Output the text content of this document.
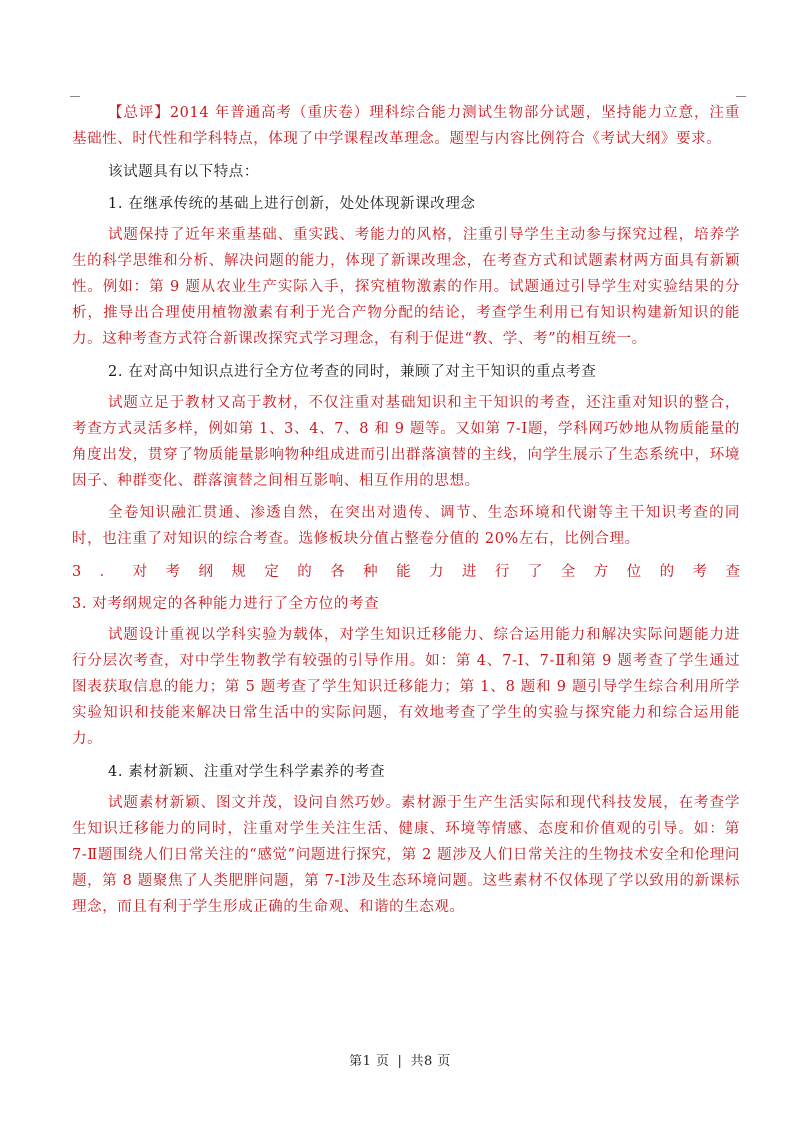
【总评】2014 年普通高考（重庆卷）理科综合能力测试生物部分试题，坚持能力立意，注重基础性、时代性和学科特点，体现了中学课程改革理念。题型与内容比例符合《考试大纲》要求。

该试题具有以下特点：

1. 在继承传统的基础上进行创新，处处体现新课改理念

试题保持了近年来重基础、重实践、考能力的风格，注重引导学生主动参与探究过程，培养学生的科学思维和分析、解决问题的能力，体现了新课改理念，在考查方式和试题素材两方面具有新颖性。例如：第 9 题从农业生产实际入手，探究植物激素的作用。试题通过引导学生对实验结果的分析，推导出合理使用植物激素有利于光合产物分配的结论，考查学生利用已有知识构建新知识的能力。这种考查方式符合新课改探究式学习理念，有利于促进“教、学、考”的相互统一。

2. 在对高中知识点进行全方位考查的同时，兼顾了对主干知识的重点考查

试题立足于教材又高于教材，不仅注重对基础知识和主干知识的考查，还注重对知识的整合，考查方式灵活多样，例如第 1、3、4、7、8 和 9 题等。又如第 7-Ⅰ题，学科网巧妙地从物质能量的角度出发，贯穿了物质能量影响物种组成进而引出群落演替的主线，向学生展示了生态系统中，环境因子、种群变化、群落演替之间相互影响、相互作用的思想。

全卷知识融汇贯通、渗透自然，在突出对遗传、调节、生态环境和代谢等主干知识考查的同时，也注重了对知识的综合考查。选修板块分值占整卷分值的 20%左右，比例合理。

3．对考纲规定的各种能力进行了全方位的考查

3. 对考纲规定的各种能力进行了全方位的考查

试题设计重视以学科实验为载体，对学生知识迁移能力、综合运用能力和解决实际问题能力进行分层次考查，对中学生物教学有较强的引导作用。如：第 4、7-Ⅰ、7-Ⅱ和第 9 题考查了学生通过图表获取信息的能力；第 5 题考查了学生知识迁移能力；第 1、8 题和 9 题引导学生综合利用所学实验知识和技能来解决日常生活中的实际问题，有效地考查了学生的实验与探究能力和综合运用能力。

4. 素材新颖、注重对学生科学素养的考查

试题素材新颖、图文并茂，设问自然巧妙。素材源于生产生活实际和现代科技发展，在考查学生知识迁移能力的同时，注重对学生关注生活、健康、环境等情感、态度和价值观的引导。如：第 7-Ⅱ题围绕人们日常关注的“感觉”问题进行探究，第 2 题涉及人们日常关注的生物技术安全和伦理问题，第 8 题聚焦了人类肥胖问题，第 7-Ⅰ涉及生态环境问题。这些素材不仅体现了学以致用的新课标理念，而且有利于学生形成正确的生命观、和谐的生态观。

第1 页 | 共8 页
